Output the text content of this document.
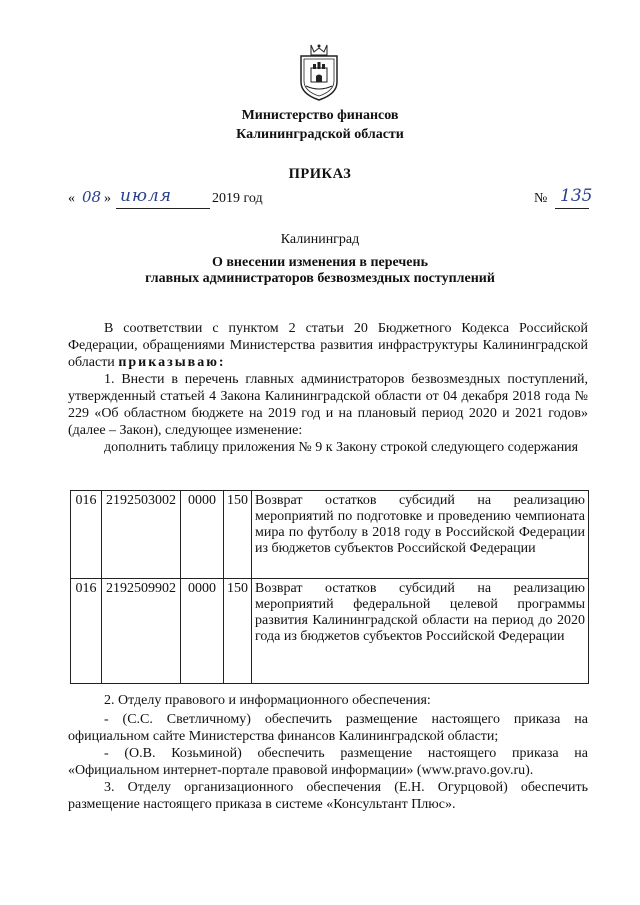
Министерство финансов
Калининградской области
ПРИКАЗ
« 08 » июля	2019 год	№ 135
Калининград
О внесении изменения в перечень
главных администраторов безвозмездных поступлений
В соответствии с пунктом 2 статьи 20 Бюджетного Кодекса Российской Федерации, обращениями Министерства развития инфраструктуры Калининградской области приказываю:
1. Внести в перечень главных администраторов безвозмездных поступлений, утвержденный статьей 4 Закона Калининградской области от 04 декабря 2018 года № 229 «Об областном бюджете на 2019 год и на плановый период 2020 и 2021 годов» (далее – Закон), следующее изменение:
дополнить таблицу приложения № 9 к Закону строкой следующего содержания
016	2192503002	0000	150	Возврат остатков субсидий на реализацию мероприятий по подготовке и проведению чемпионата мира по футболу в 2018 году в Российской Федерации из бюджетов субъектов Российской Федерации
016	2192509902	0000	150	Возврат остатков субсидий на реализацию мероприятий федеральной целевой программы развития Калининградской области на период до 2020 года из бюджетов субъектов Российской Федерации
2. Отделу правового и информационного обеспечения:
- (С.С. Светличному) обеспечить размещение настоящего приказа на официальном сайте Министерства финансов Калининградской области;
- (О.В. Козьминой) обеспечить размещение настоящего приказа на «Официальном интернет-портале правовой информации» (www.pravo.gov.ru).
3. Отделу организационного обеспечения (Е.Н. Огурцовой) обеспечить размещение настоящего приказа в системе «Консультант Плюс».
